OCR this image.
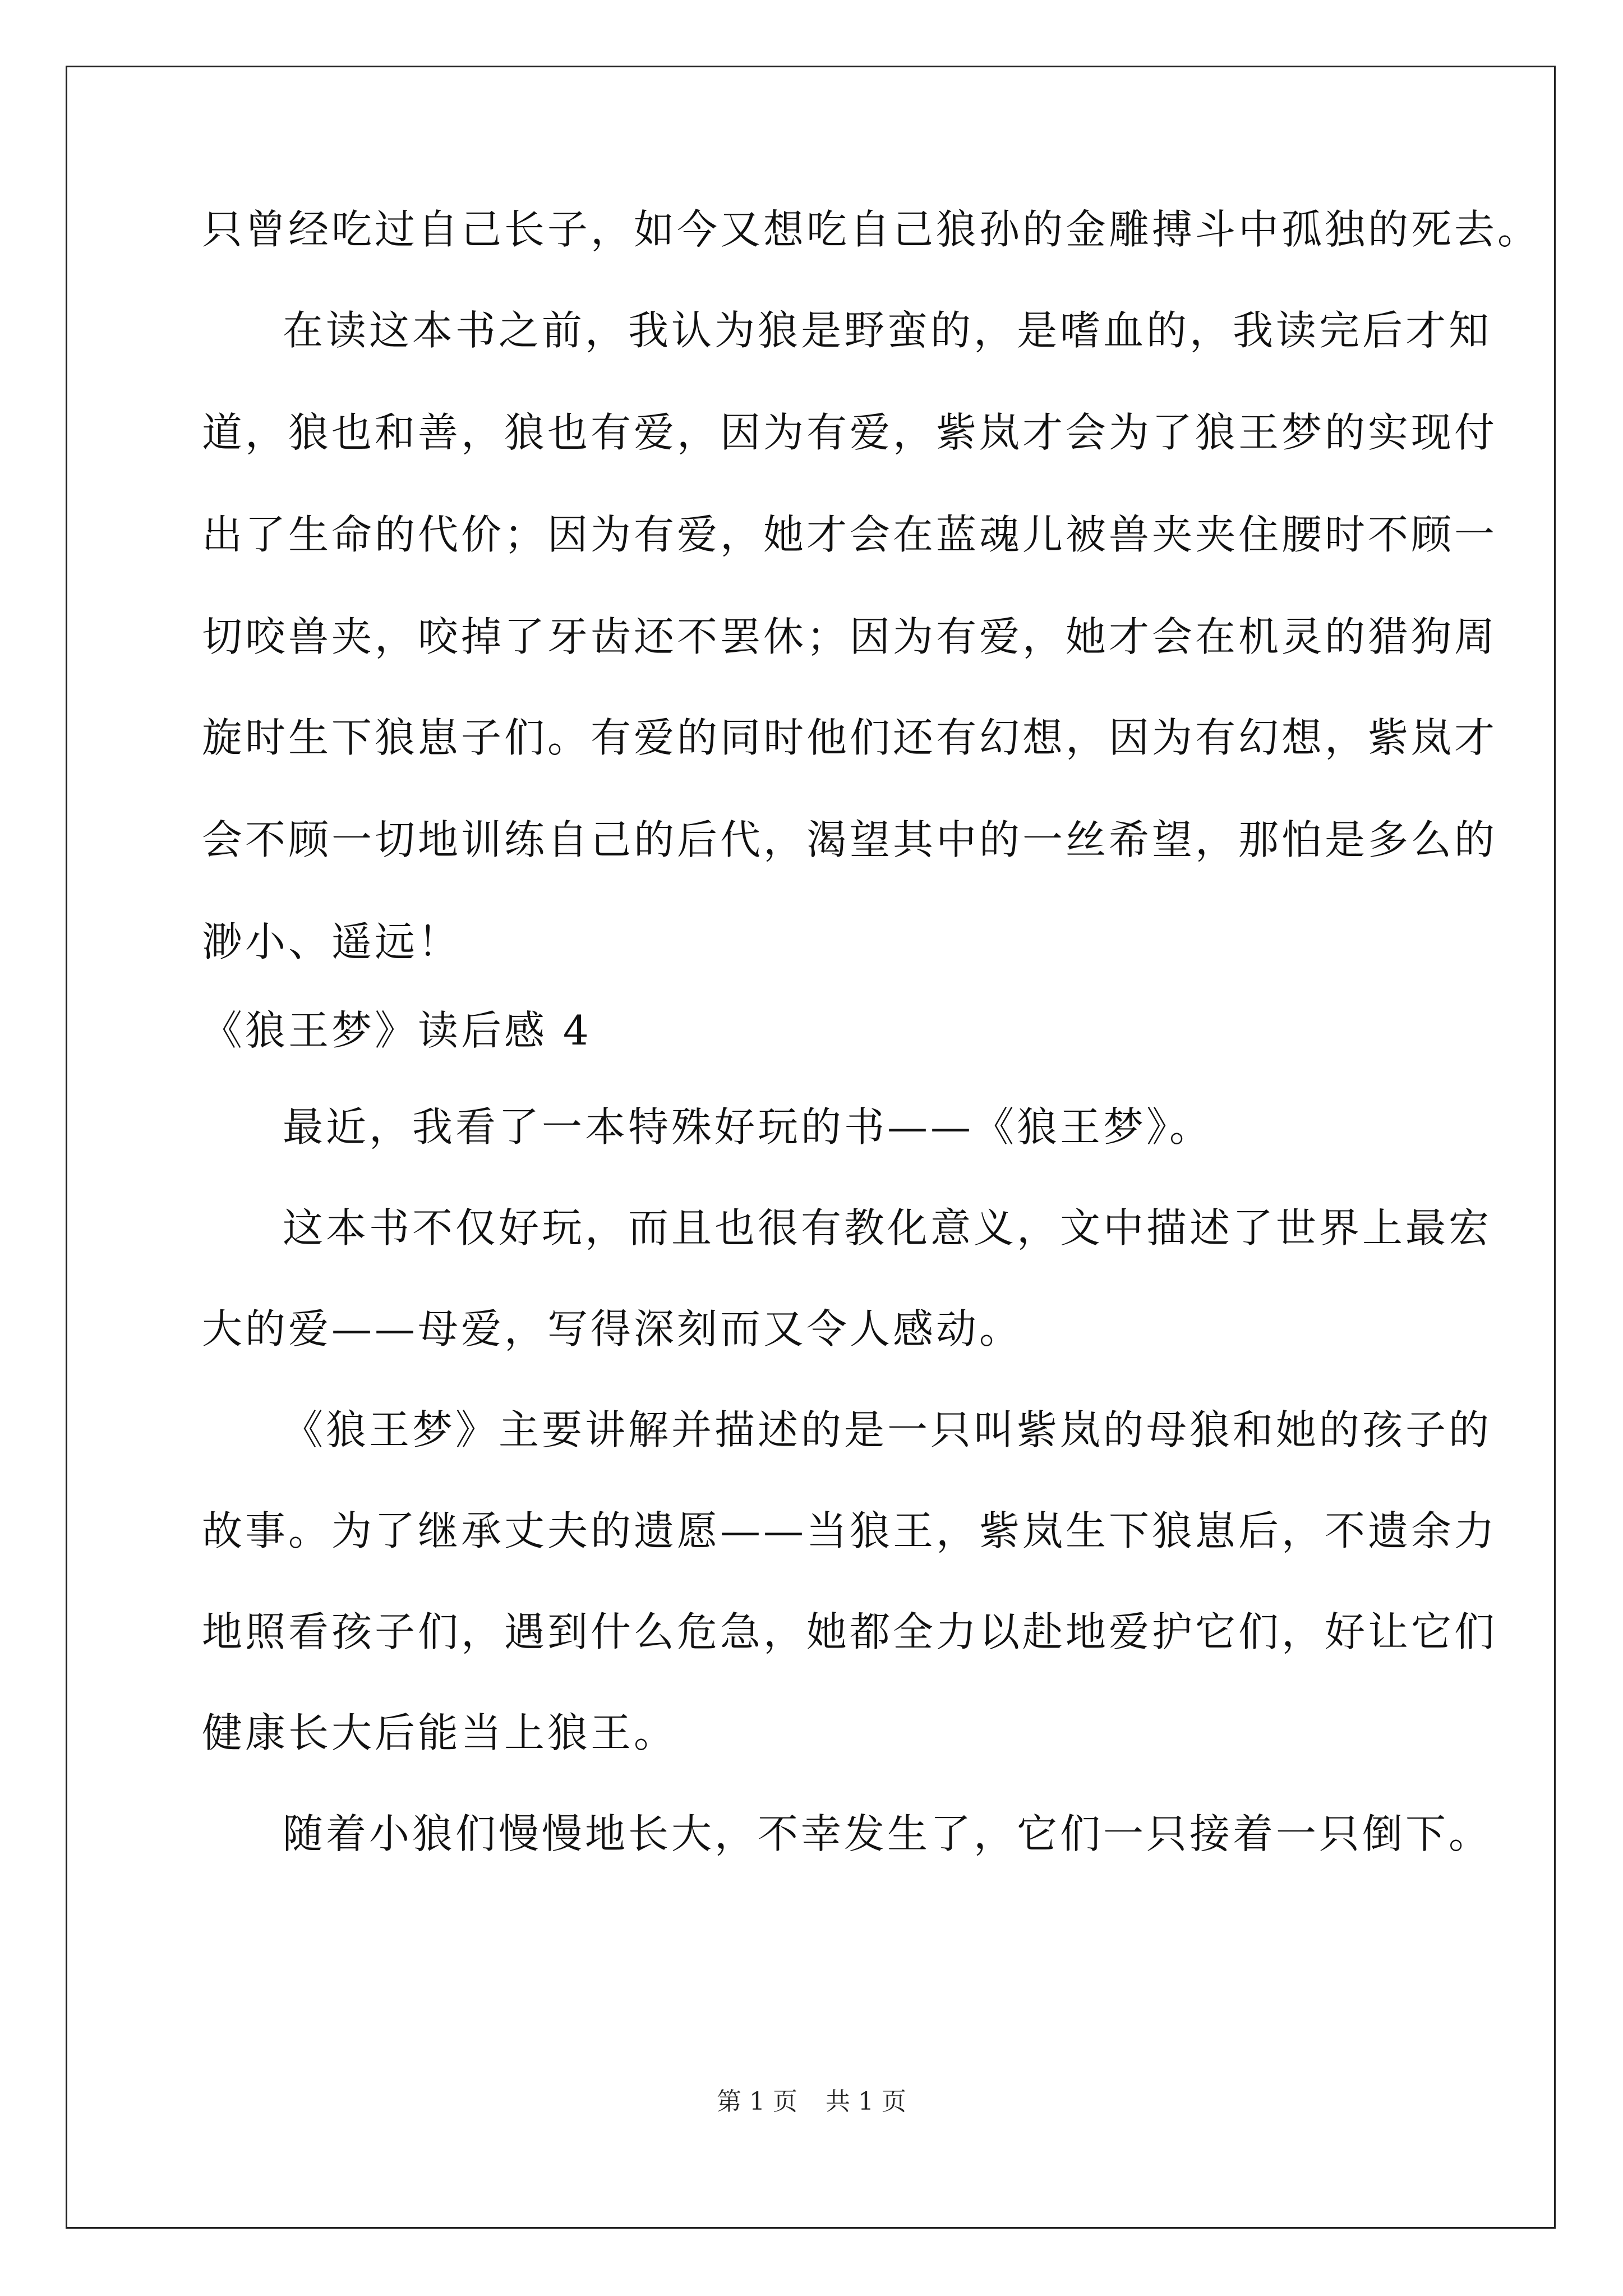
只曾经吃过自己长子，如今又想吃自己狼孙的金雕搏斗中孤独的死去。
在读这本书之前，我认为狼是野蛮的，是嗜血的，我读完后才知
道，狼也和善，狼也有爱，因为有爱，紫岚才会为了狼王梦的实现付
出了生命的代价；因为有爱，她才会在蓝魂儿被兽夹夹住腰时不顾一
切咬兽夹，咬掉了牙齿还不罢休；因为有爱，她才会在机灵的猎狗周
旋时生下狼崽子们。有爱的同时他们还有幻想，因为有幻想，紫岚才
会不顾一切地训练自己的后代，渴望其中的一丝希望，那怕是多么的
渺小、遥远！
《狼王梦》读后感 4
最近，我看了一本特殊好玩的书——《狼王梦》。
这本书不仅好玩，而且也很有教化意义，文中描述了世界上最宏
大的爱——母爱，写得深刻而又令人感动。
《狼王梦》主要讲解并描述的是一只叫紫岚的母狼和她的孩子的
故事。为了继承丈夫的遗愿——当狼王，紫岚生下狼崽后，不遗余力
地照看孩子们，遇到什么危急，她都全力以赴地爱护它们，好让它们
健康长大后能当上狼王。
随着小狼们慢慢地长大，不幸发生了，它们一只接着一只倒下。
第 1 页 共 1 页
